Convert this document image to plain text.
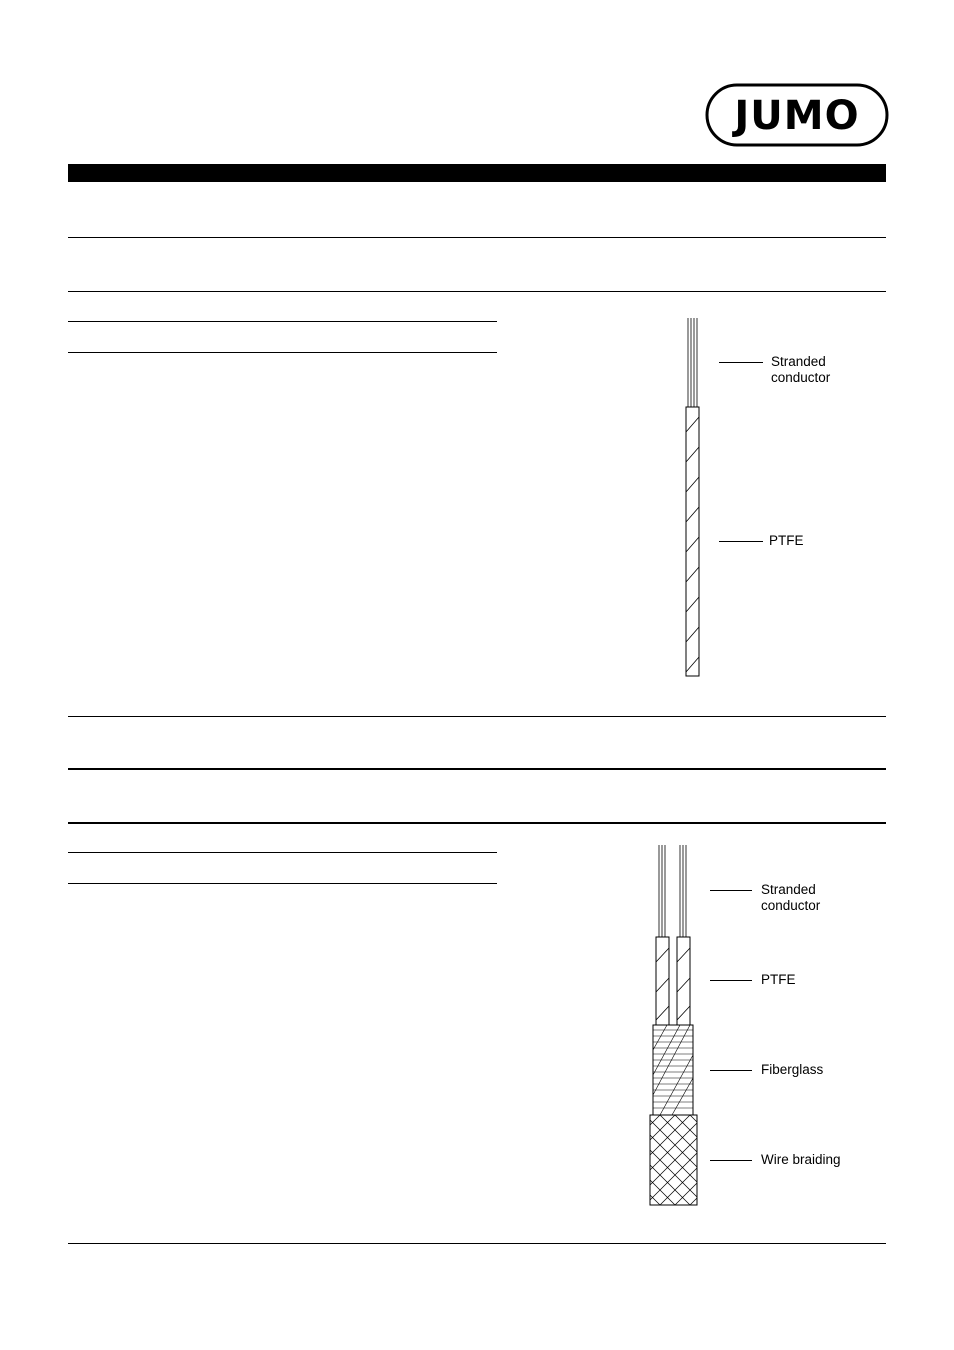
JUMO
Stranded
conductor
PTFE
Stranded
conductor
PTFE
Fiberglass
Wire braiding
